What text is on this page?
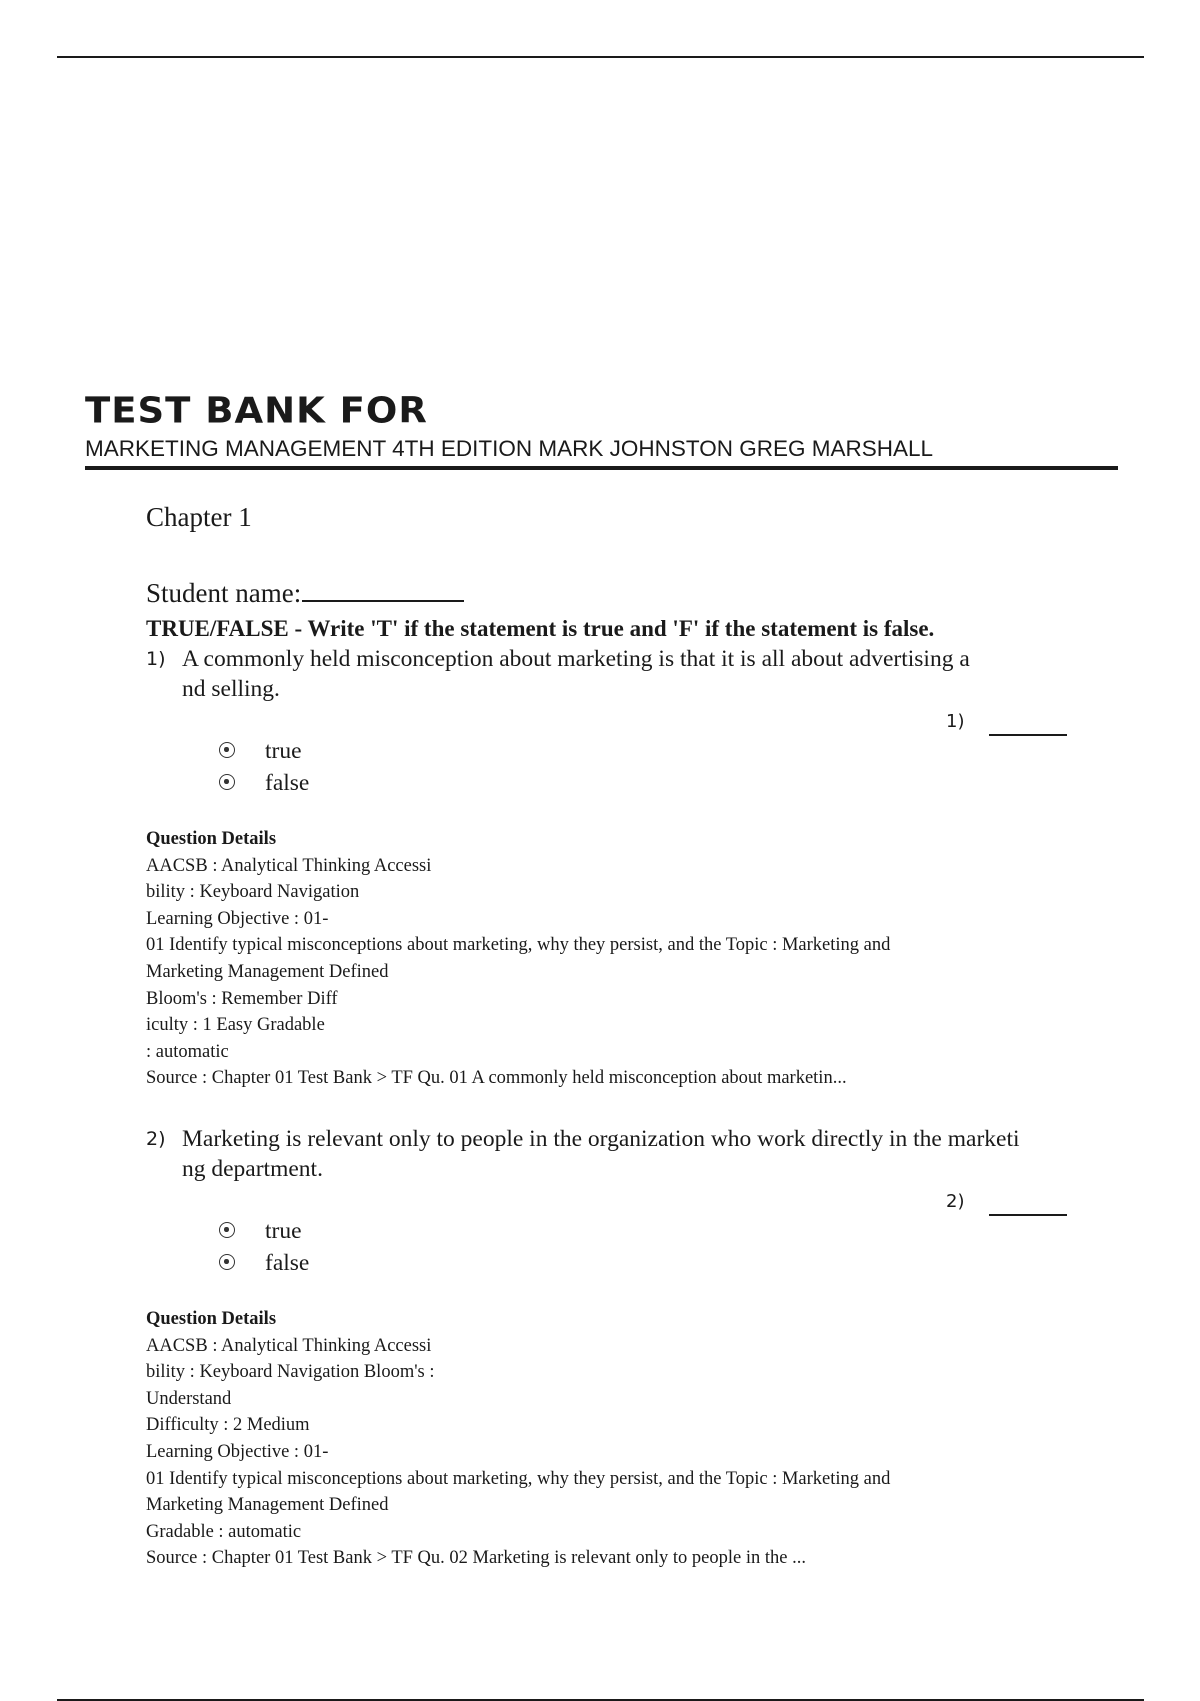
TEST BANK FOR
MARKETING MANAGEMENT 4TH EDITION MARK JOHNSTON GREG MARSHALL
Chapter 1
Student name:
TRUE/FALSE - Write 'T' if the statement is true and 'F' if the statement is false.
1) A commonly held misconception about marketing is that it is all about advertising a
nd selling.
1)
true
false
Question Details
AACSB : Analytical Thinking Accessi
bility : Keyboard Navigation
Learning Objective : 01-
01 Identify typical misconceptions about marketing, why they persist, and the Topic : Marketing and
Marketing Management Defined
Bloom's : Remember Diff
iculty : 1 Easy Gradable
: automatic
Source : Chapter 01 Test Bank > TF Qu. 01 A commonly held misconception about marketin...
2) Marketing is relevant only to people in the organization who work directly in the marketi
ng department.
2)
true
false
Question Details
AACSB : Analytical Thinking Accessi
bility : Keyboard Navigation Bloom's :
Understand
Difficulty : 2 Medium
Learning Objective : 01-
01 Identify typical misconceptions about marketing, why they persist, and the Topic : Marketing and
Marketing Management Defined
Gradable : automatic
Source : Chapter 01 Test Bank > TF Qu. 02 Marketing is relevant only to people in the ...
